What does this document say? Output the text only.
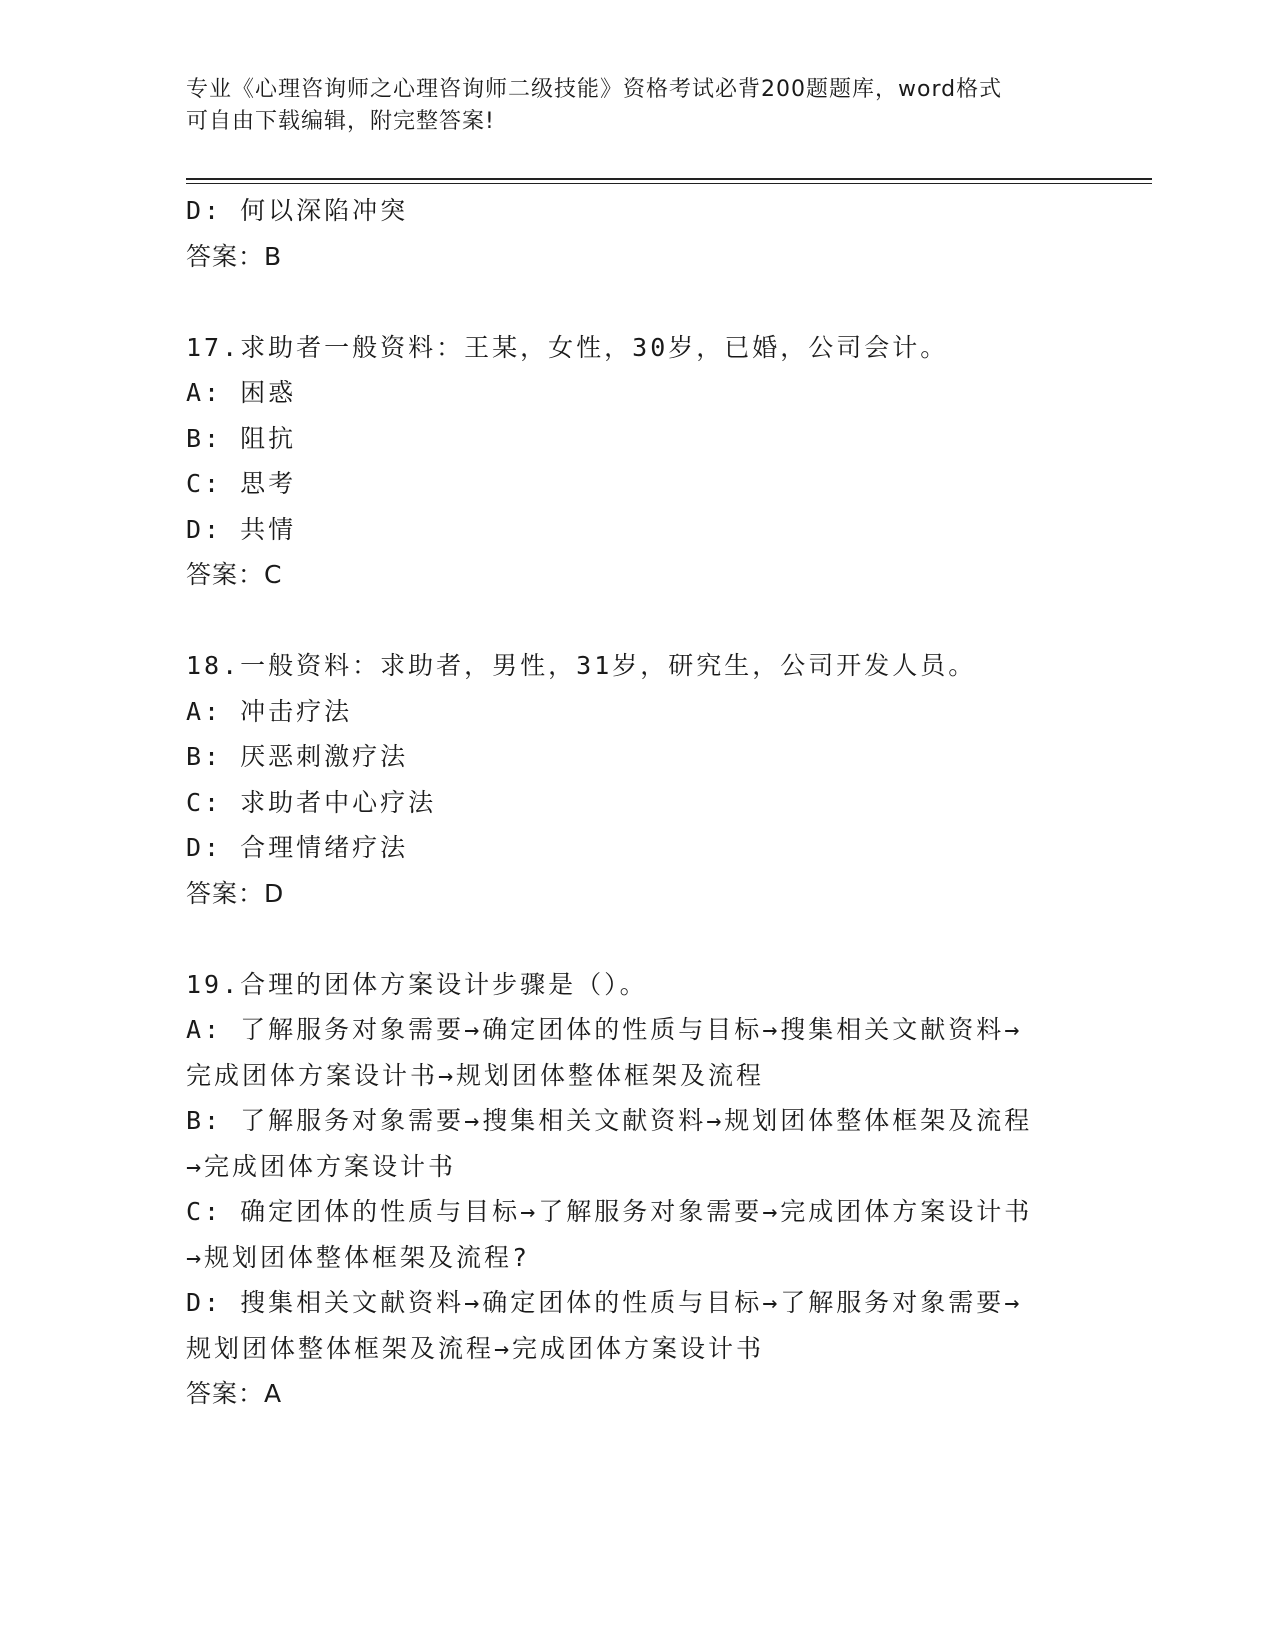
专业《心理咨询师之心理咨询师二级技能》资格考试必背200题题库，word格式
可自由下载编辑，附完整答案!
D: 何以深陷冲突
答案：B
17.求助者一般资料：王某，女性，30岁，已婚，公司会计。
A: 困惑
B: 阻抗
C: 思考
D: 共情
答案：C
18.一般资料：求助者，男性，31岁，研究生，公司开发人员。
A: 冲击疗法
B: 厌恶刺激疗法
C: 求助者中心疗法
D: 合理情绪疗法
答案：D
19.合理的团体方案设计步骤是（）。
A: 了解服务对象需要→确定团体的性质与目标→搜集相关文献资料→
完成团体方案设计书→规划团体整体框架及流程
B: 了解服务对象需要→搜集相关文献资料→规划团体整体框架及流程
→完成团体方案设计书
C: 确定团体的性质与目标→了解服务对象需要→完成团体方案设计书
→规划团体整体框架及流程?
D: 搜集相关文献资料→确定团体的性质与目标→了解服务对象需要→
规划团体整体框架及流程→完成团体方案设计书
答案：A
